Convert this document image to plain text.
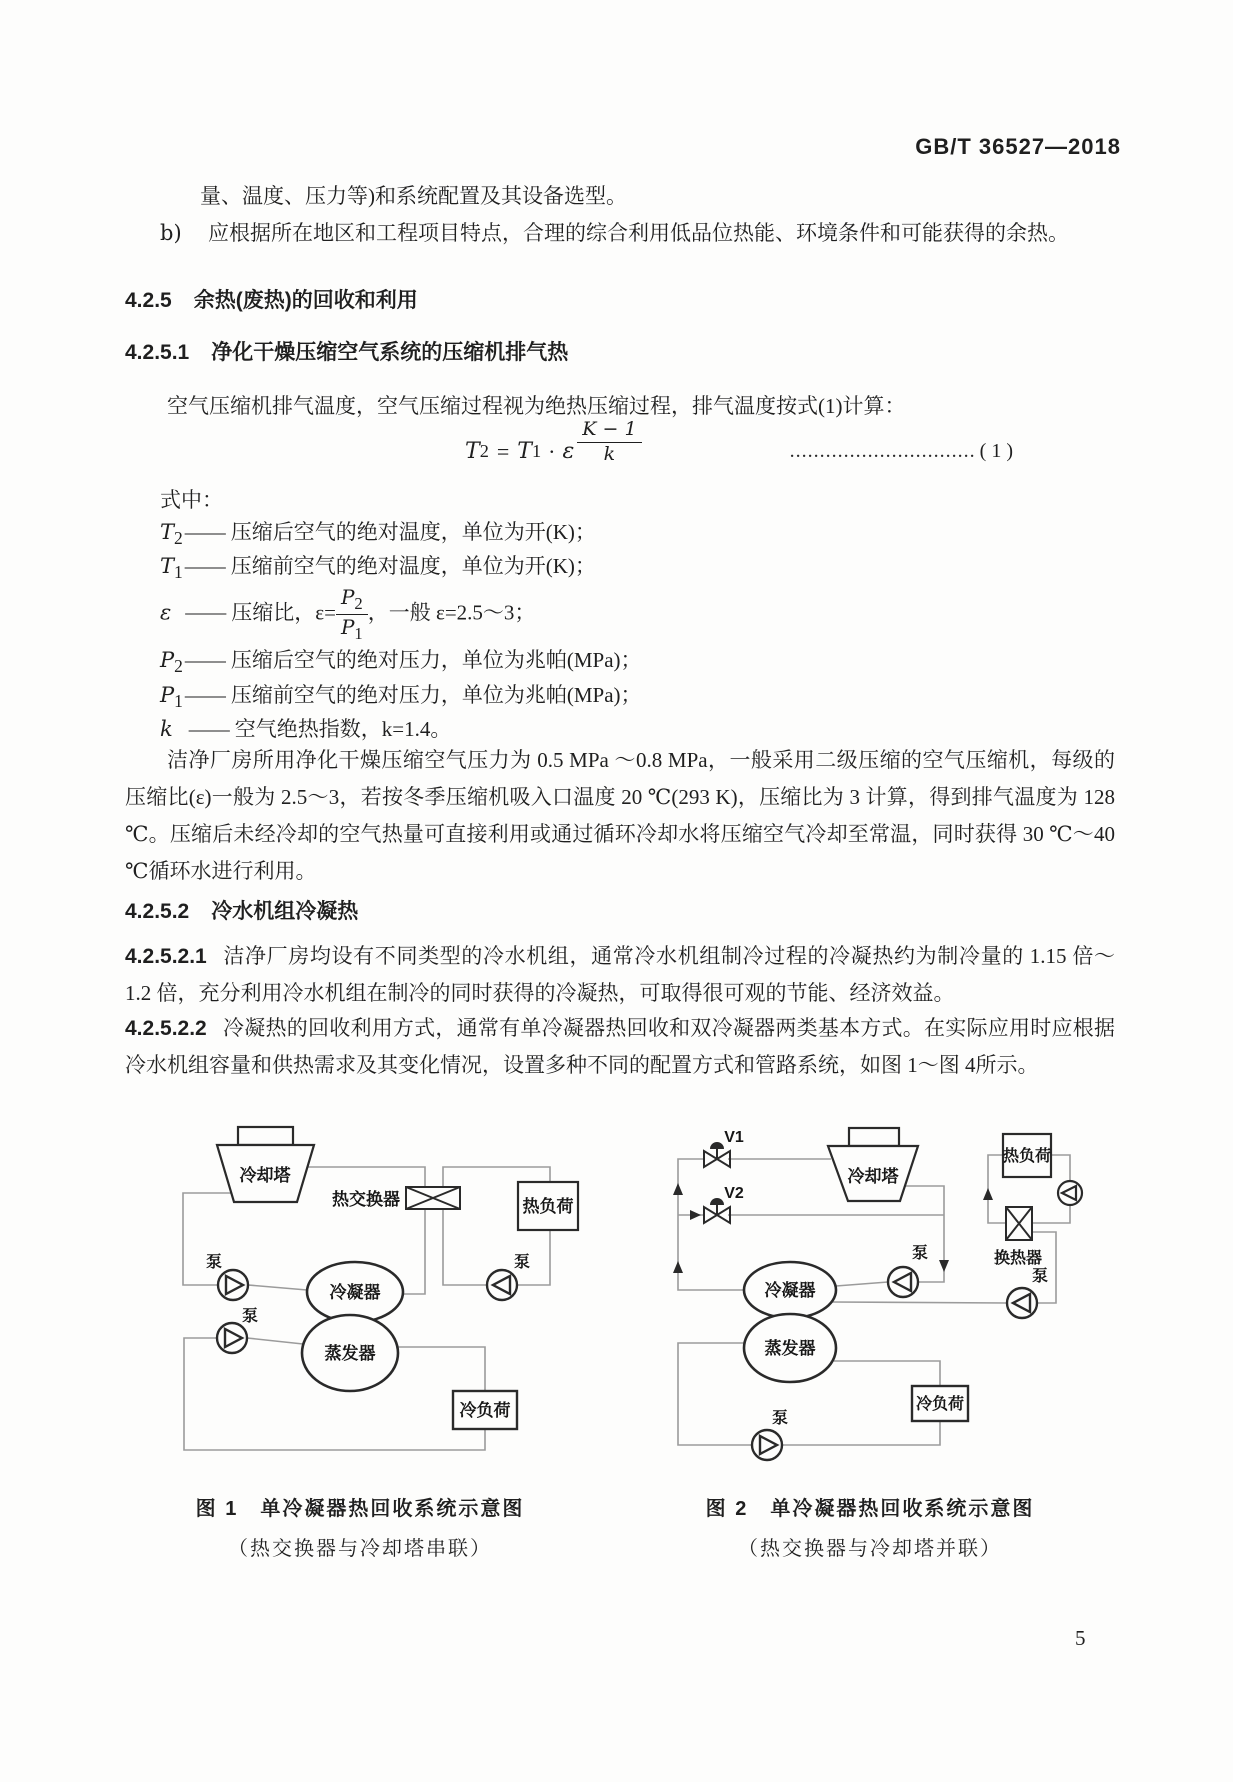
GB/T 36527—2018
量、温度、压力等)和系统配置及其设备选型。
b) 应根据所在地区和工程项目特点，合理的综合利用低品位热能、环境条件和可能获得的余热。
4.2.5 余热(废热)的回收和利用
4.2.5.1 净化干燥压缩空气系统的压缩机排气热
空气压缩机排气温度，空气压缩过程视为绝热压缩过程，排气温度按式(1)计算：
T 2 = T 1 · ε $\frac{K - 1}{k}$	............................... ( 1 )
式中：
$T_2——$ 压缩后空气的绝对温度，单位为开(K)；
$T_1——$ 压缩前空气的绝对温度，单位为开(K)；
ε —— 压缩比，$\varepsilon= \frac{P_2}{P_1}$ ，一般 ε=2.5～3；
$P_2——$ 压缩后空气的绝对压力，单位为兆帕(MPa)；
$P_1——$ 压缩前空气的绝对压力，单位为兆帕(MPa)；
k —— 空气绝热指数，k=1.4。
洁净厂房所用净化干燥压缩空气压力为 0.5 MPa ～0.8 MPa，一般采用二级压缩的空气压缩机，每级的压缩比(ε)一般为 2.5～3，若按冬季压缩机吸入口温度 20 ℃(293 K)，压缩比为 3 计算，得到排气温度为 128 ℃。压缩后未经冷却的空气热量可直接利用或通过循环冷却水将压缩空气冷却至常温，同时获得 30 ℃～40 ℃循环水进行利用。
4.2.5.2 冷水机组冷凝热
4.2.5.2.1 洁净厂房均设有不同类型的冷水机组，通常冷水机组制冷过程的冷凝热约为制冷量的 1.15 倍～1.2 倍，充分利用冷水机组在制冷的同时获得的冷凝热，可取得很可观的节能、经济效益。
4.2.5.2.2 冷凝热的回收利用方式，通常有单冷凝器热回收和双冷凝器两类基本方式。在实际应用时应根据冷水机组容量和供热需求及其变化情况，设置多种不同的配置方式和管路系统，如图 1～图 4所示。
冷却塔
热交换器	热负荷
泵
泵
泵
冷凝器
蒸发器
冷负荷
V1
V2
冷却塔
热负荷
换热器
冷凝器
蒸发器
泵
泵
泵
冷负荷
图 1　单冷凝器热回收系统示意图
（热交换器与冷却塔串联）
图 2　单冷凝器热回收系统示意图
（热交换器与冷却塔并联）
5
